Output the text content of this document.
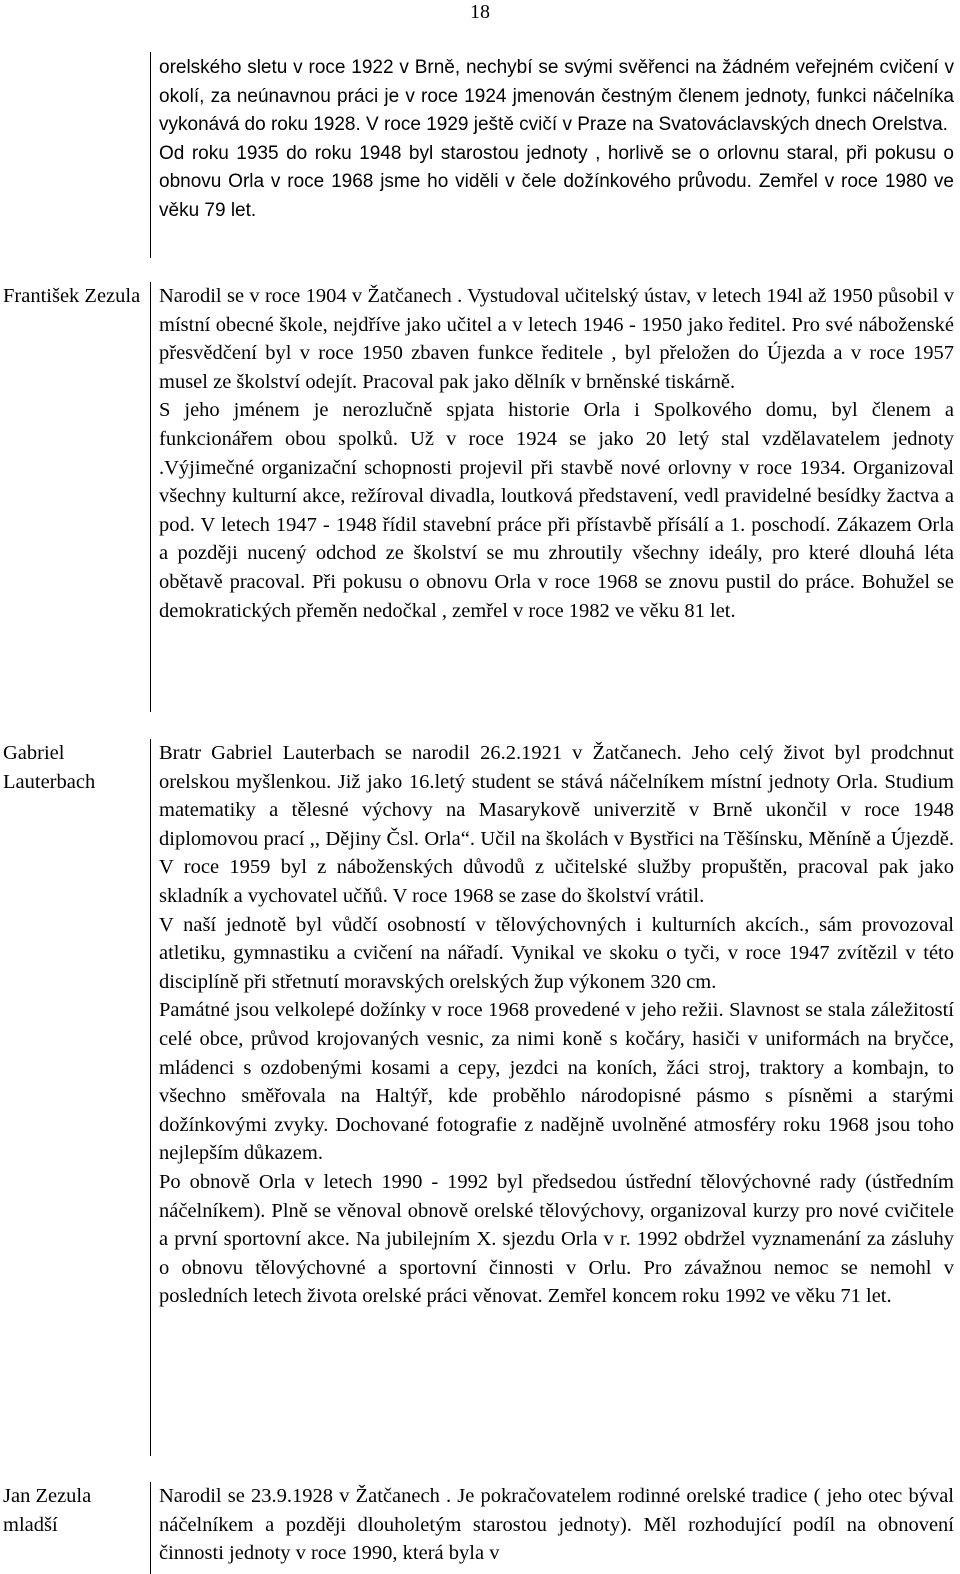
18

orelského sletu v roce 1922 v Brně, nechybí se svými svěřenci na žádném veřejném cvičení v okolí, za neúnavnou práci je v roce 1924 jmenován čestným členem jednoty, funkci náčelníka vykonává do roku 1928. V roce 1929 ještě cvičí v Praze na Svatováclavských dnech Orelstva.

Od roku 1935 do roku 1948 byl starostou jednoty , horlivě se o orlovnu staral, při pokusu o obnovu Orla v roce 1968 jsme ho viděli v čele dožínkového průvodu. Zemřel v roce 1980 ve věku 79 let.

František Zezula Narodil se v roce 1904 v Žatčanech . Vystudoval učitelský ústav, v letech 194l až 1950 působil v místní obecné škole, nejdříve jako učitel a v letech 1946 - 1950 jako ředitel. Pro své náboženské přesvědčení byl v roce 1950 zbaven funkce ředitele , byl přeložen do Újezda a v roce 1957 musel ze školství odejít. Pracoval pak jako dělník v brněnské tiskárně.

S jeho jménem je nerozlučně spjata historie Orla i Spolkového domu, byl členem a funkcionářem obou spolků. Už v roce 1924 se jako 20 letý stal vzdělavatelem jednoty .Výjimečné organizační schopnosti projevil při stavbě nové orlovny v roce 1934. Organizoval všechny kulturní akce, režíroval divadla, loutková představení, vedl pravidelné besídky žactva a pod. V letech 1947 - 1948 řídil stavební práce při přístavbě přísálí a 1. poschodí. Zákazem Orla a později nucený odchod ze školství se mu zhroutily všechny ideály, pro které dlouhá léta obětavě pracoval. Při pokusu o obnovu Orla v roce 1968 se znovu pustil do práce. Bohužel se demokratických přeměn nedočkal , zemřel v roce 1982 ve věku 81 let.

Gabriel Lauterbach

Bratr Gabriel Lauterbach se narodil 26.2.1921 v Žatčanech. Jeho celý život byl prodchnut orelskou myšlenkou. Již jako 16.letý student se stává náčelníkem místní jednoty Orla. Studium matematiky a tělesné výchovy na Masarykově univerzitě v Brně ukončil v roce 1948 diplomovou prací ,, Dějiny Čsl. Orla“. Učil na školách v Bystřici na Těšínsku, Měníně a Újezdě. V roce 1959 byl z náboženských důvodů z učitelské služby propuštěn, pracoval pak jako skladník a vychovatel učňů. V roce 1968 se zase do školství vrátil.

V naší jednotě byl vůdčí osobností v tělovýchovných i kulturních akcích., sám provozoval atletiku, gymnastiku a cvičení na nářadí. Vynikal ve skoku o tyči, v roce 1947 zvítězil v této disciplíně při střetnutí moravských orelských žup výkonem 320 cm.

Památné jsou velkolepé dožínky v roce 1968 provedené v jeho režii. Slavnost se stala záležitostí celé obce, průvod krojovaných vesnic, za nimi koně s kočáry, hasiči v uniformách na bryčce, mládenci s ozdobenými kosami a cepy, jezdci na koních, žáci stroj, traktory a kombajn, to všechno směřovala na Haltýř, kde proběhlo národopisné pásmo s písněmi a starými dožínkovými zvyky. Dochované fotografie z nadějně uvolněné atmosféry roku 1968 jsou toho nejlepším důkazem.

Po obnově Orla v letech 1990 - 1992 byl předsedou ústřední tělovýchovné rady (ústředním náčelníkem). Plně se věnoval obnově orelské tělovýchovy, organizoval kurzy pro nové cvičitele a první sportovní akce. Na jubilejním X. sjezdu Orla v r. 1992 obdržel vyznamenání za zásluhy o obnovu tělovýchovné a sportovní činnosti v Orlu. Pro závažnou nemoc se nemohl v posledních letech života orelské práci věnovat. Zemřel koncem roku 1992 ve věku 71 let.

Jan Zezula mladší

Narodil se 23.9.1928 v Žatčanech . Je pokračovatelem rodinné orelské tradice ( jeho otec býval náčelníkem a později dlouholetým starostou jednoty). Měl rozhodující podíl na obnovení činnosti jednoty v roce 1990, která byla v
